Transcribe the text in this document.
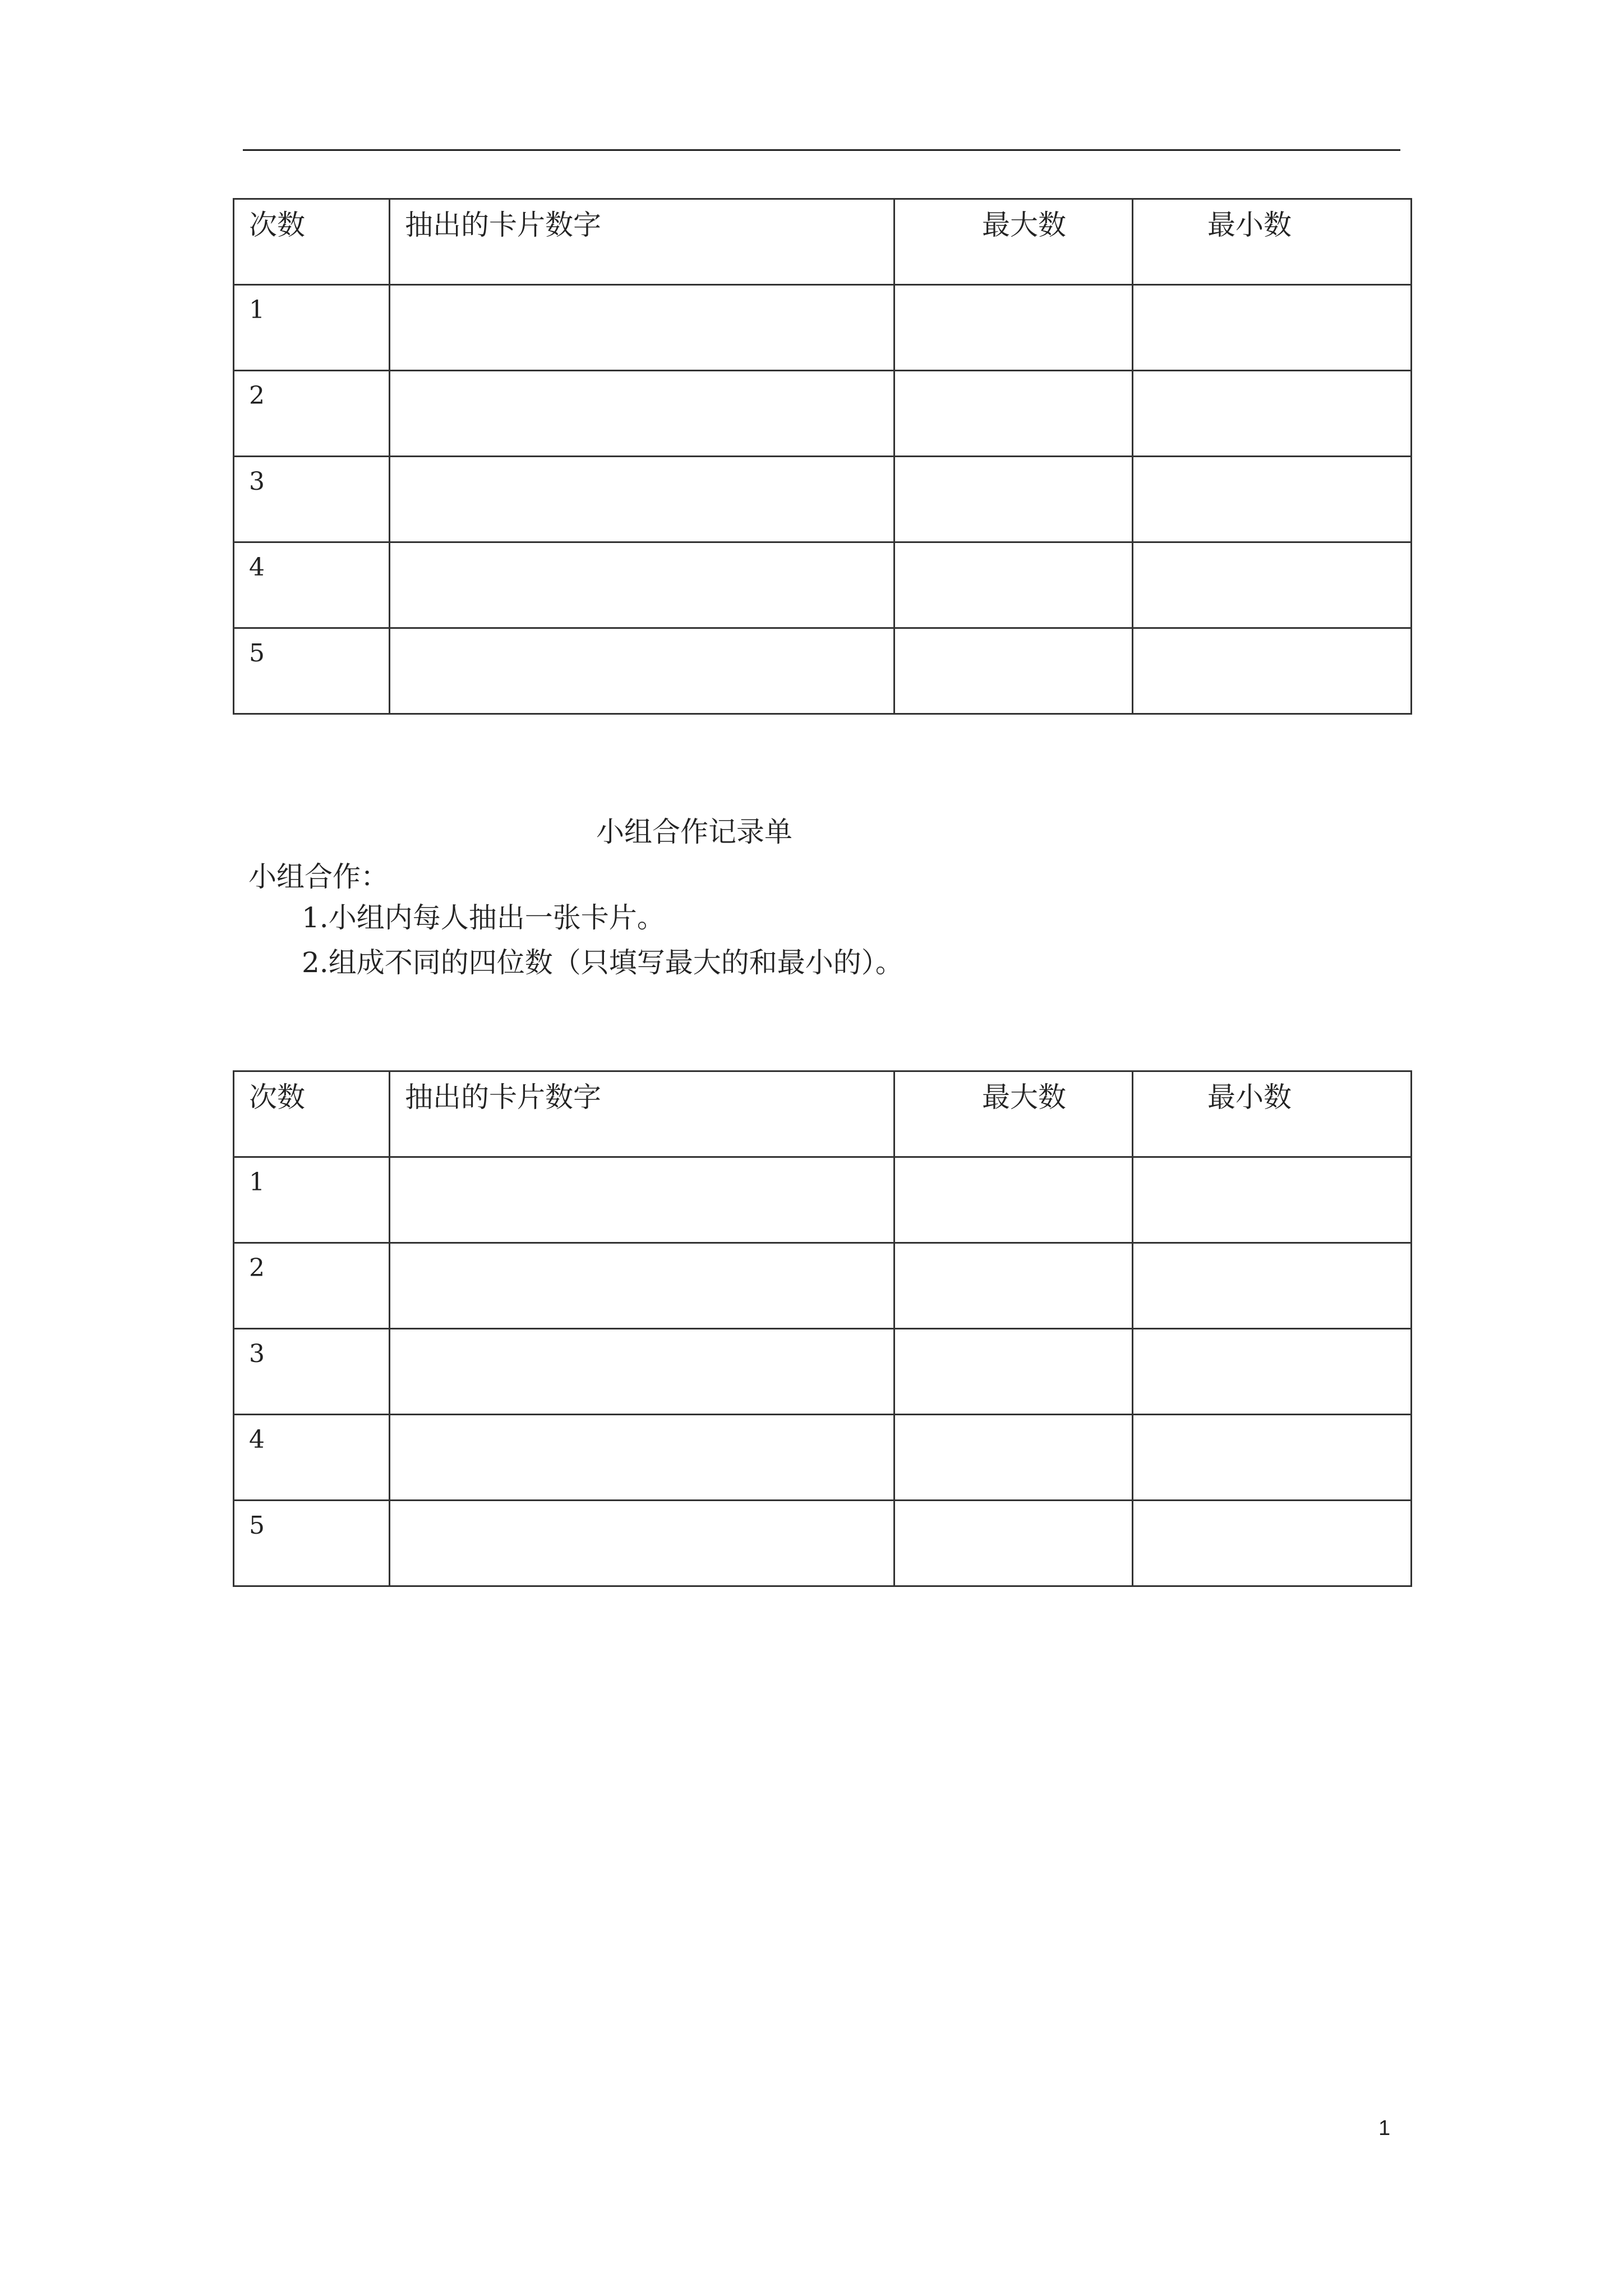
次数	抽出的卡片数字	最大数	最小数
1			
2			
3			
4			
5			
小组合作记录单
小组合作：
1.小组内每人抽出一张卡片。
2.组成不同的四位数（只填写最大的和最小的）。
次数	抽出的卡片数字	最大数	最小数
1			
2			
3			
4			
5			
1
